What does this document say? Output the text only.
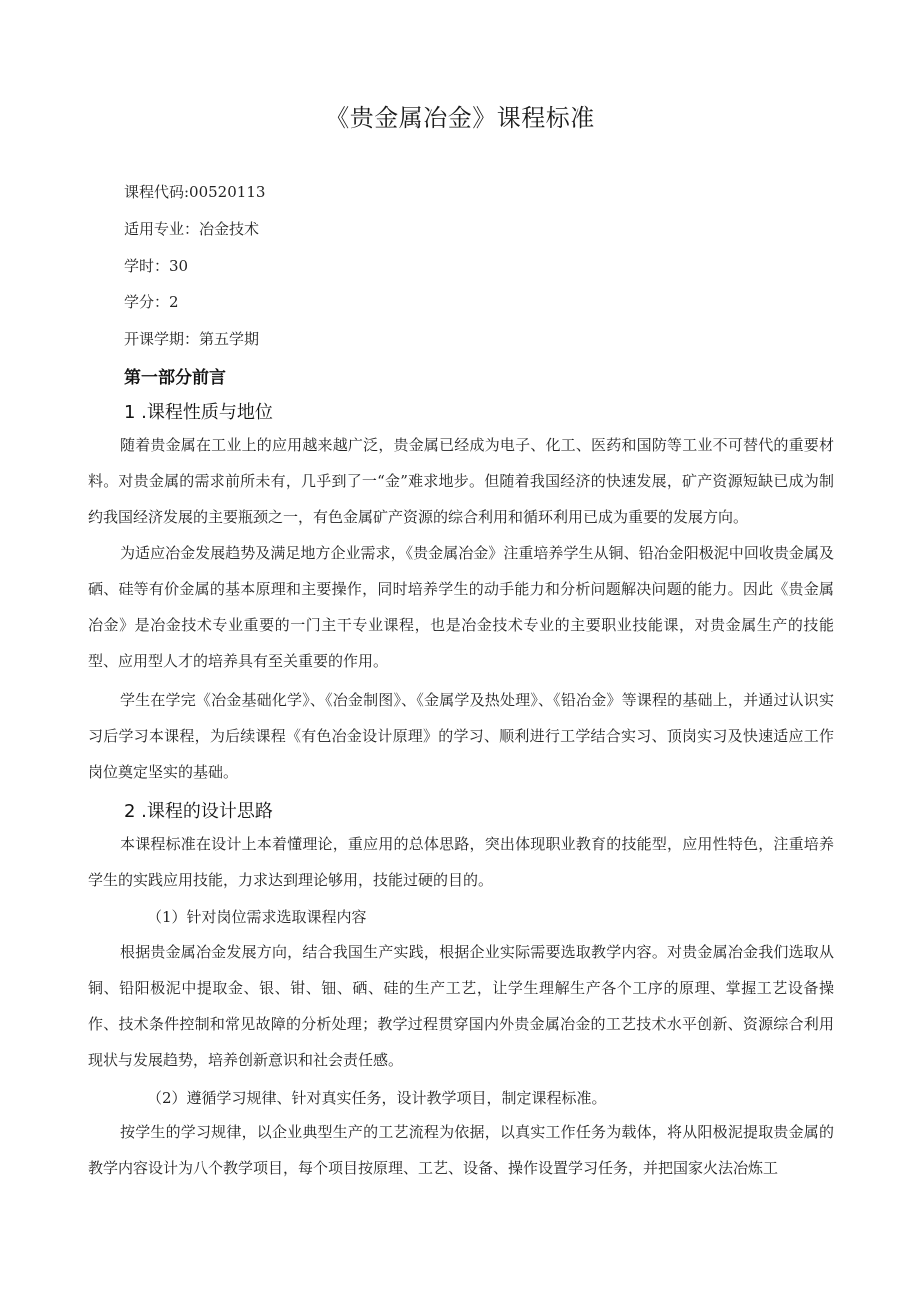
《贵金属冶金》课程标准
课程代码:00520113
适用专业：冶金技术
学时：30
学分：2
开课学期：第五学期
第一部分前言
1 .课程性质与地位
随着贵金属在工业上的应用越来越广泛，贵金属已经成为电子、化工、医药和国防等工业不可替代的重要材料。对贵金属的需求前所未有，几乎到了一“金”难求地步。但随着我国经济的快速发展，矿产资源短缺已成为制约我国经济发展的主要瓶颈之一，有色金属矿产资源的综合利用和循环利用已成为重要的发展方向。
为适应冶金发展趋势及满足地方企业需求，《贵金属冶金》注重培养学生从铜、铅冶金阳极泥中回收贵金属及硒、硅等有价金属的基本原理和主要操作，同时培养学生的动手能力和分析问题解决问题的能力。因此《贵金属冶金》是冶金技术专业重要的一门主干专业课程，也是冶金技术专业的主要职业技能课，对贵金属生产的技能型、应用型人才的培养具有至关重要的作用。
学生在学完《冶金基础化学》、《冶金制图》、《金属学及热处理》、《铅冶金》等课程的基础上，并通过认识实习后学习本课程，为后续课程《有色冶金设计原理》的学习、顺利进行工学结合实习、顶岗实习及快速适应工作岗位奠定坚实的基础。
2 .课程的设计思路
本课程标准在设计上本着懂理论，重应用的总体思路，突出体现职业教育的技能型，应用性特色，注重培养学生的实践应用技能，力求达到理论够用，技能过硬的目的。
（1）针对岗位需求选取课程内容
根据贵金属冶金发展方向，结合我国生产实践，根据企业实际需要选取教学内容。对贵金属冶金我们选取从铜、铅阳极泥中提取金、银、钳、钿、硒、硅的生产工艺，让学生理解生产各个工序的原理、掌握工艺设备操作、技术条件控制和常见故障的分析处理；教学过程贯穿国内外贵金属冶金的工艺技术水平创新、资源综合利用现状与发展趋势，培养创新意识和社会责任感。
（2）遵循学习规律、针对真实任务，设计教学项目，制定课程标准。
按学生的学习规律，以企业典型生产的工艺流程为依据，以真实工作任务为载体，将从阳极泥提取贵金属的教学内容设计为八个教学项目，每个项目按原理、工艺、设备、操作设置学习任务，并把国家火法冶炼工
